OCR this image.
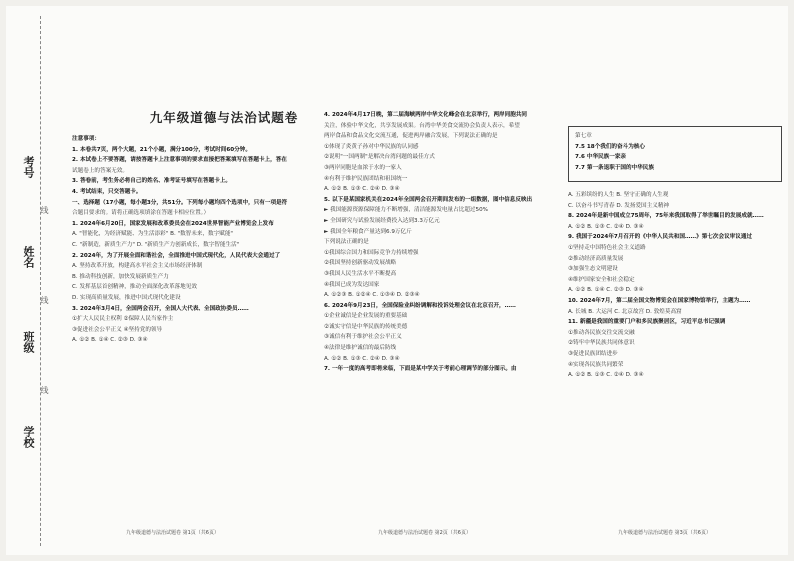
考号
姓名
班级
学校
线
线
线
九年级道德与法治试题卷
注意事项：
1. 本卷共7页，两个大题，21个小题，满分100分，考试时间60分钟。
2. 本试卷上不要答题，请按答题卡上注意事项的要求直接把答案填写在答题卡上，答在
试题卷上的答案无效。
3. 答卷前，考生务必将自己的姓名、准考证号填写在答题卡上。
4. 考试结束，只交答题卡。
一、选择题（17小题，每小题3分，共51分。下列每小题均四个选项中，只有一项是符
合题目要求的。请将正确选项填涂在答题卡相应位置。）
1. 2024年6月20日，国家发展和改革委员会在2024世界智能产业博览会上发布
A. "智能化，为经济赋能、为生活添彩" B. "数智未来，数字赋能"
C. "新制造，新质生产力" D. "新质生产力创新成长，数字智能生活"
2. 2024年，为了开展全面和谐社会，全面推进中国式现代化，人民代表大会通过了
A. 坚持改革开放，构建高水平社会主义市场经济体制
B. 推动科技创新，加快发展新质生产力
C. 发挥基层首创精神，推动全面深化改革落地见效
D. 实现高质量发展，推进中国式现代化建设
3. 2024年3月4日，全国两会召开，全国人大代表、全国政协委员……
①扩大人民民主权利 ②保障人民当家作主
③促进社会公平正义 ④坚持党的领导
A. ①② B. ①④ C. ②③ D. ③④
4. 2024年4月17日晚，第二届海峡两岸中华文化峰会在北京举行，两岸同胞共同
关注，体验中华文化，共享发展成果。台湾中华美食交流协会负责人表示，希望
两岸食品和食品文化交流互通，促进两岸融合发展，下列说法正确的是
①体现了炎黄子孙对中华民族的认同感
②说明"一国两制"是解决台湾问题的最佳方式
③两岸同胞是血浓于水的一家人
④有利于维护民族团结和祖国统一
A. ①② B. ①③ C. ②④ D. ③④
5. 以下是某国家机关在2024年全国两会召开期间发布的一组数据，图中信息反映出
► 我国能源资源保障能力不断增强，清洁能源发电量占比超过50%
► 全国研究与试验发展经费投入达到3.3万亿元
► 我国全年粮食产量达到6.9万亿斤
下列说法正确的是
①我国综合国力和国际竞争力持续增强
②我国坚持创新驱动发展战略
③我国人民生活水平不断提高
④我国已成为发达国家
A. ①②③ B. ①②④ C. ①③④ D. ②③④
6. 2024年9月23日，全国保险业纠纷调解和投诉处理会议在北京召开，……
①企业诚信是企业发展的重要基础
②诚实守信是中华民族的传统美德
③诚信有利于维护社会公平正义
④法律是维护诚信的最后防线
A. ①② B. ①③ C. ②④ D. ③④
7. 一年一度的高考即将来临，下面是某中学关于考前心理调节的部分图示。由
第七章
7.5 18个我们的奋斗为核心
7.6 中华民族一家亲
7.7 第一条退职于国的中华民族
A. 五彩缤纷的人生 B. 坚守正确的人生观
C. 以奋斗书写青春 D. 发扬爱国主义精神
8. 2024年是新中国成立75周年，75年来我国取得了举世瞩目的发展成就……
A. ①② B. ①③ C. ②④ D. ③④
9. 我国于2024年7月召开的《中华人民共和国……》第七次会议审议通过
①坚持走中国特色社会主义道路
②推动经济高质量发展
③加强生态文明建设
④维护国家安全和社会稳定
A. ①② B. ①④ C. ②③ D. ③④
10. 2024年7月，第二届全国文物博览会在国家博物馆举行，主题为……
A. 长城 B. 大运河 C. 北京故宫 D. 敦煌莫高窟
11. 新疆是我国的重要门户和多民族聚居区，习近平总书记强调
①推动各民族交往交流交融
②铸牢中华民族共同体意识
③促进民族团结进步
④实现各民族共同繁荣
A. ①② B. ①③ C. ②④ D. ③④
九年级道德与法治试题卷 第1页（共6页）	九年级道德与法治试题卷 第2页（共6页）	九年级道德与法治试题卷 第3页（共6页）
